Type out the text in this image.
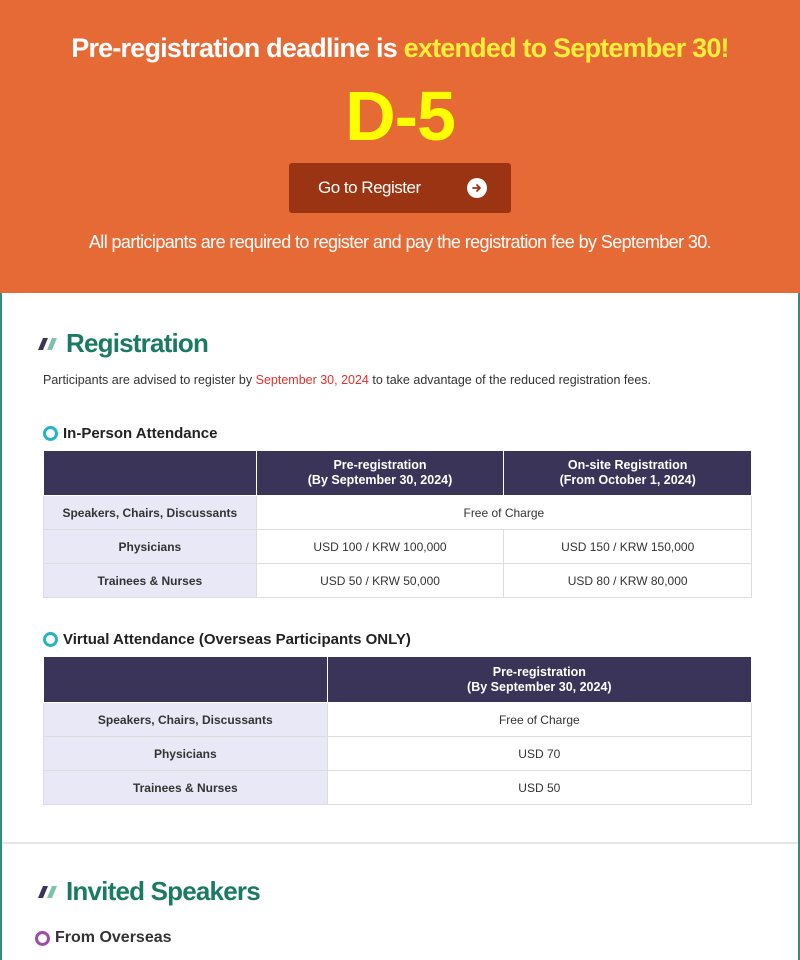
Pre-registration deadline is extended to September 30!
D-5
Go to Register
All participants are required to register and pay the registration fee by September 30.
Registration
Participants are advised to register by September 30, 2024 to take advantage of the reduced registration fees.
In-Person Attendance
	Pre-registration
(By September 30, 2024)	On-site Registration
(From October 1, 2024)
Speakers, Chairs, Discussants	Free of Charge	
Physicians	USD 100 / KRW 100,000	USD 150 / KRW 150,000
Trainees & Nurses	USD 50 / KRW 50,000	USD 80 / KRW 80,000
Virtual Attendance (Overseas Participants ONLY)
	Pre-registration
(By September 30, 2024)
Speakers, Chairs, Discussants	Free of Charge
Physicians	USD 70
Trainees & Nurses	USD 50
Invited Speakers
From Overseas
